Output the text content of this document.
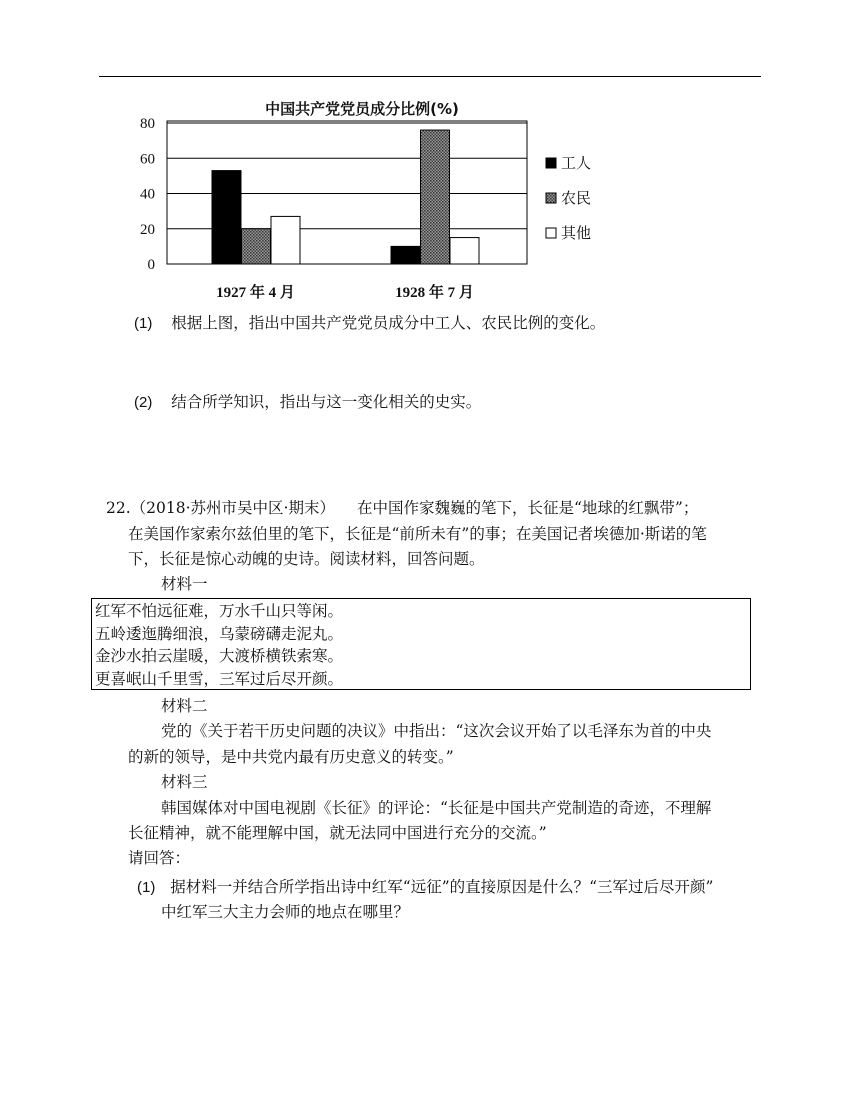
中国共产党党员成分比例(%)
0
20
40
60
80
1927 年 4 月	1928 年 7 月
工人
农民
其他
(1) 根据上图，指出中国共产党党员成分中工人、农民比例的变化。
(2) 结合所学知识，指出与这一变化相关的史实。
22.（2018·苏州市吴中区·期末） 在中国作家魏巍的笔下，长征是“地球的红飘带”；
在美国作家索尔兹伯里的笔下，长征是“前所未有”的事；在美国记者埃德加·斯诺的笔
下，长征是惊心动魄的史诗。阅读材料，回答问题。
材料一
红军不怕远征难，万水千山只等闲。
五岭逶迤腾细浪，乌蒙磅礴走泥丸。
金沙水拍云崖暖，大渡桥横铁索寒。
更喜岷山千里雪，三军过后尽开颜。
材料二
党的《关于若干历史问题的决议》中指出：“这次会议开始了以毛泽东为首的中央
的新的领导，是中共党内最有历史意义的转变。”
材料三
韩国媒体对中国电视剧《长征》的评论：“长征是中国共产党制造的奇迹，不理解
长征精神，就不能理解中国，就无法同中国进行充分的交流。”
请回答：
(1) 据材料一并结合所学指出诗中红军“远征”的直接原因是什么？“三军过后尽开颜”
中红军三大主力会师的地点在哪里？
